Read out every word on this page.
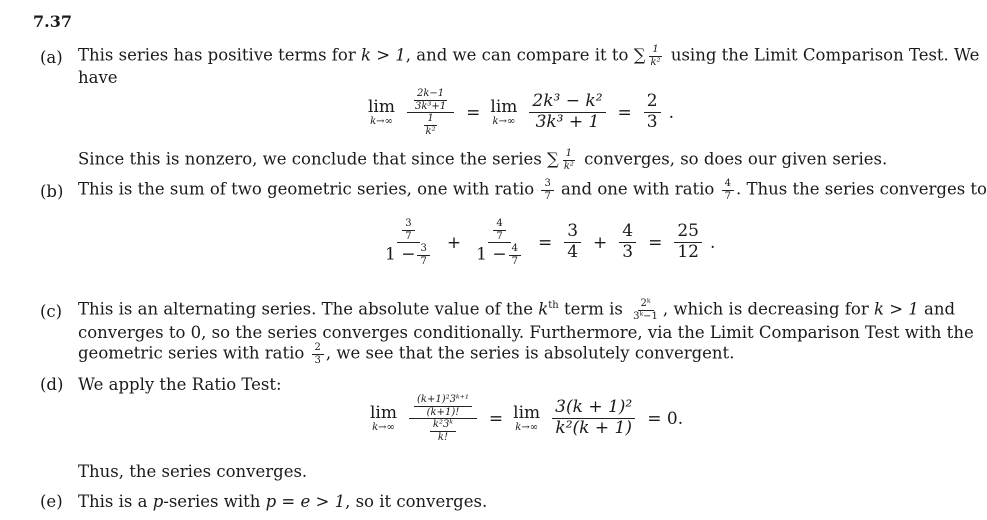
7.37
(a) This series has positive terms for k > 1, and we can compare it to ∑ $\frac{1}{\text{k²}}$ using the Limit Comparison Test. We
have
lim
$k\to\infty \frac{\frac{2k-1}{\text{3k³+1}}}{\frac{1}{\text{k²}}} = \lim$
$k\to\infty \frac{\text{2k³ − k²}}{\text{3k³ + 1}} = \frac{2}{3}$ .
Since this is nonzero, we conclude that since the series ∑ $\frac{1}{\text{k²}}$ converges, so does our given series.
(b) This is the sum of two geometric series, one with ratio $\frac{3}{7}$ and one with ratio $\frac{4}{7}$ . Thus the series converges to
$\frac{\frac{3}{7}}{1 - \frac{3}{7}} + \frac{\frac{4}{7}}{1 - \frac{4}{7}} = \frac{3}{4} + \frac{4}{3} = \frac{25}{12}$ .
(c) This is an alternating series. The absolute value of the $k^{th}$ term is $\frac{\text{2ᵏ}}{\text{3ᵏ−1}}$ , which is decreasing for k > 1 and
converges to 0, so the series converges conditionally. Furthermore, via the Limit Comparison Test with the
geometric series with ratio $\frac{2}{3}$ , we see that the series is absolutely convergent.
(d) We apply the Ratio Test:
lim
$k\to\infty \frac{\frac{\text{(k+1)²3ᵏ⁺¹}}{(k+1)!}}{\frac{\text{k²3ᵏ}}{k!}} = \lim$
$k\to\infty \frac{\text{3(k + 1)²}}{\text{k²(k + 1)}} = 0$.
Thus, the series converges.
(e) This is a p-series with p = e > 1, so it converges.
